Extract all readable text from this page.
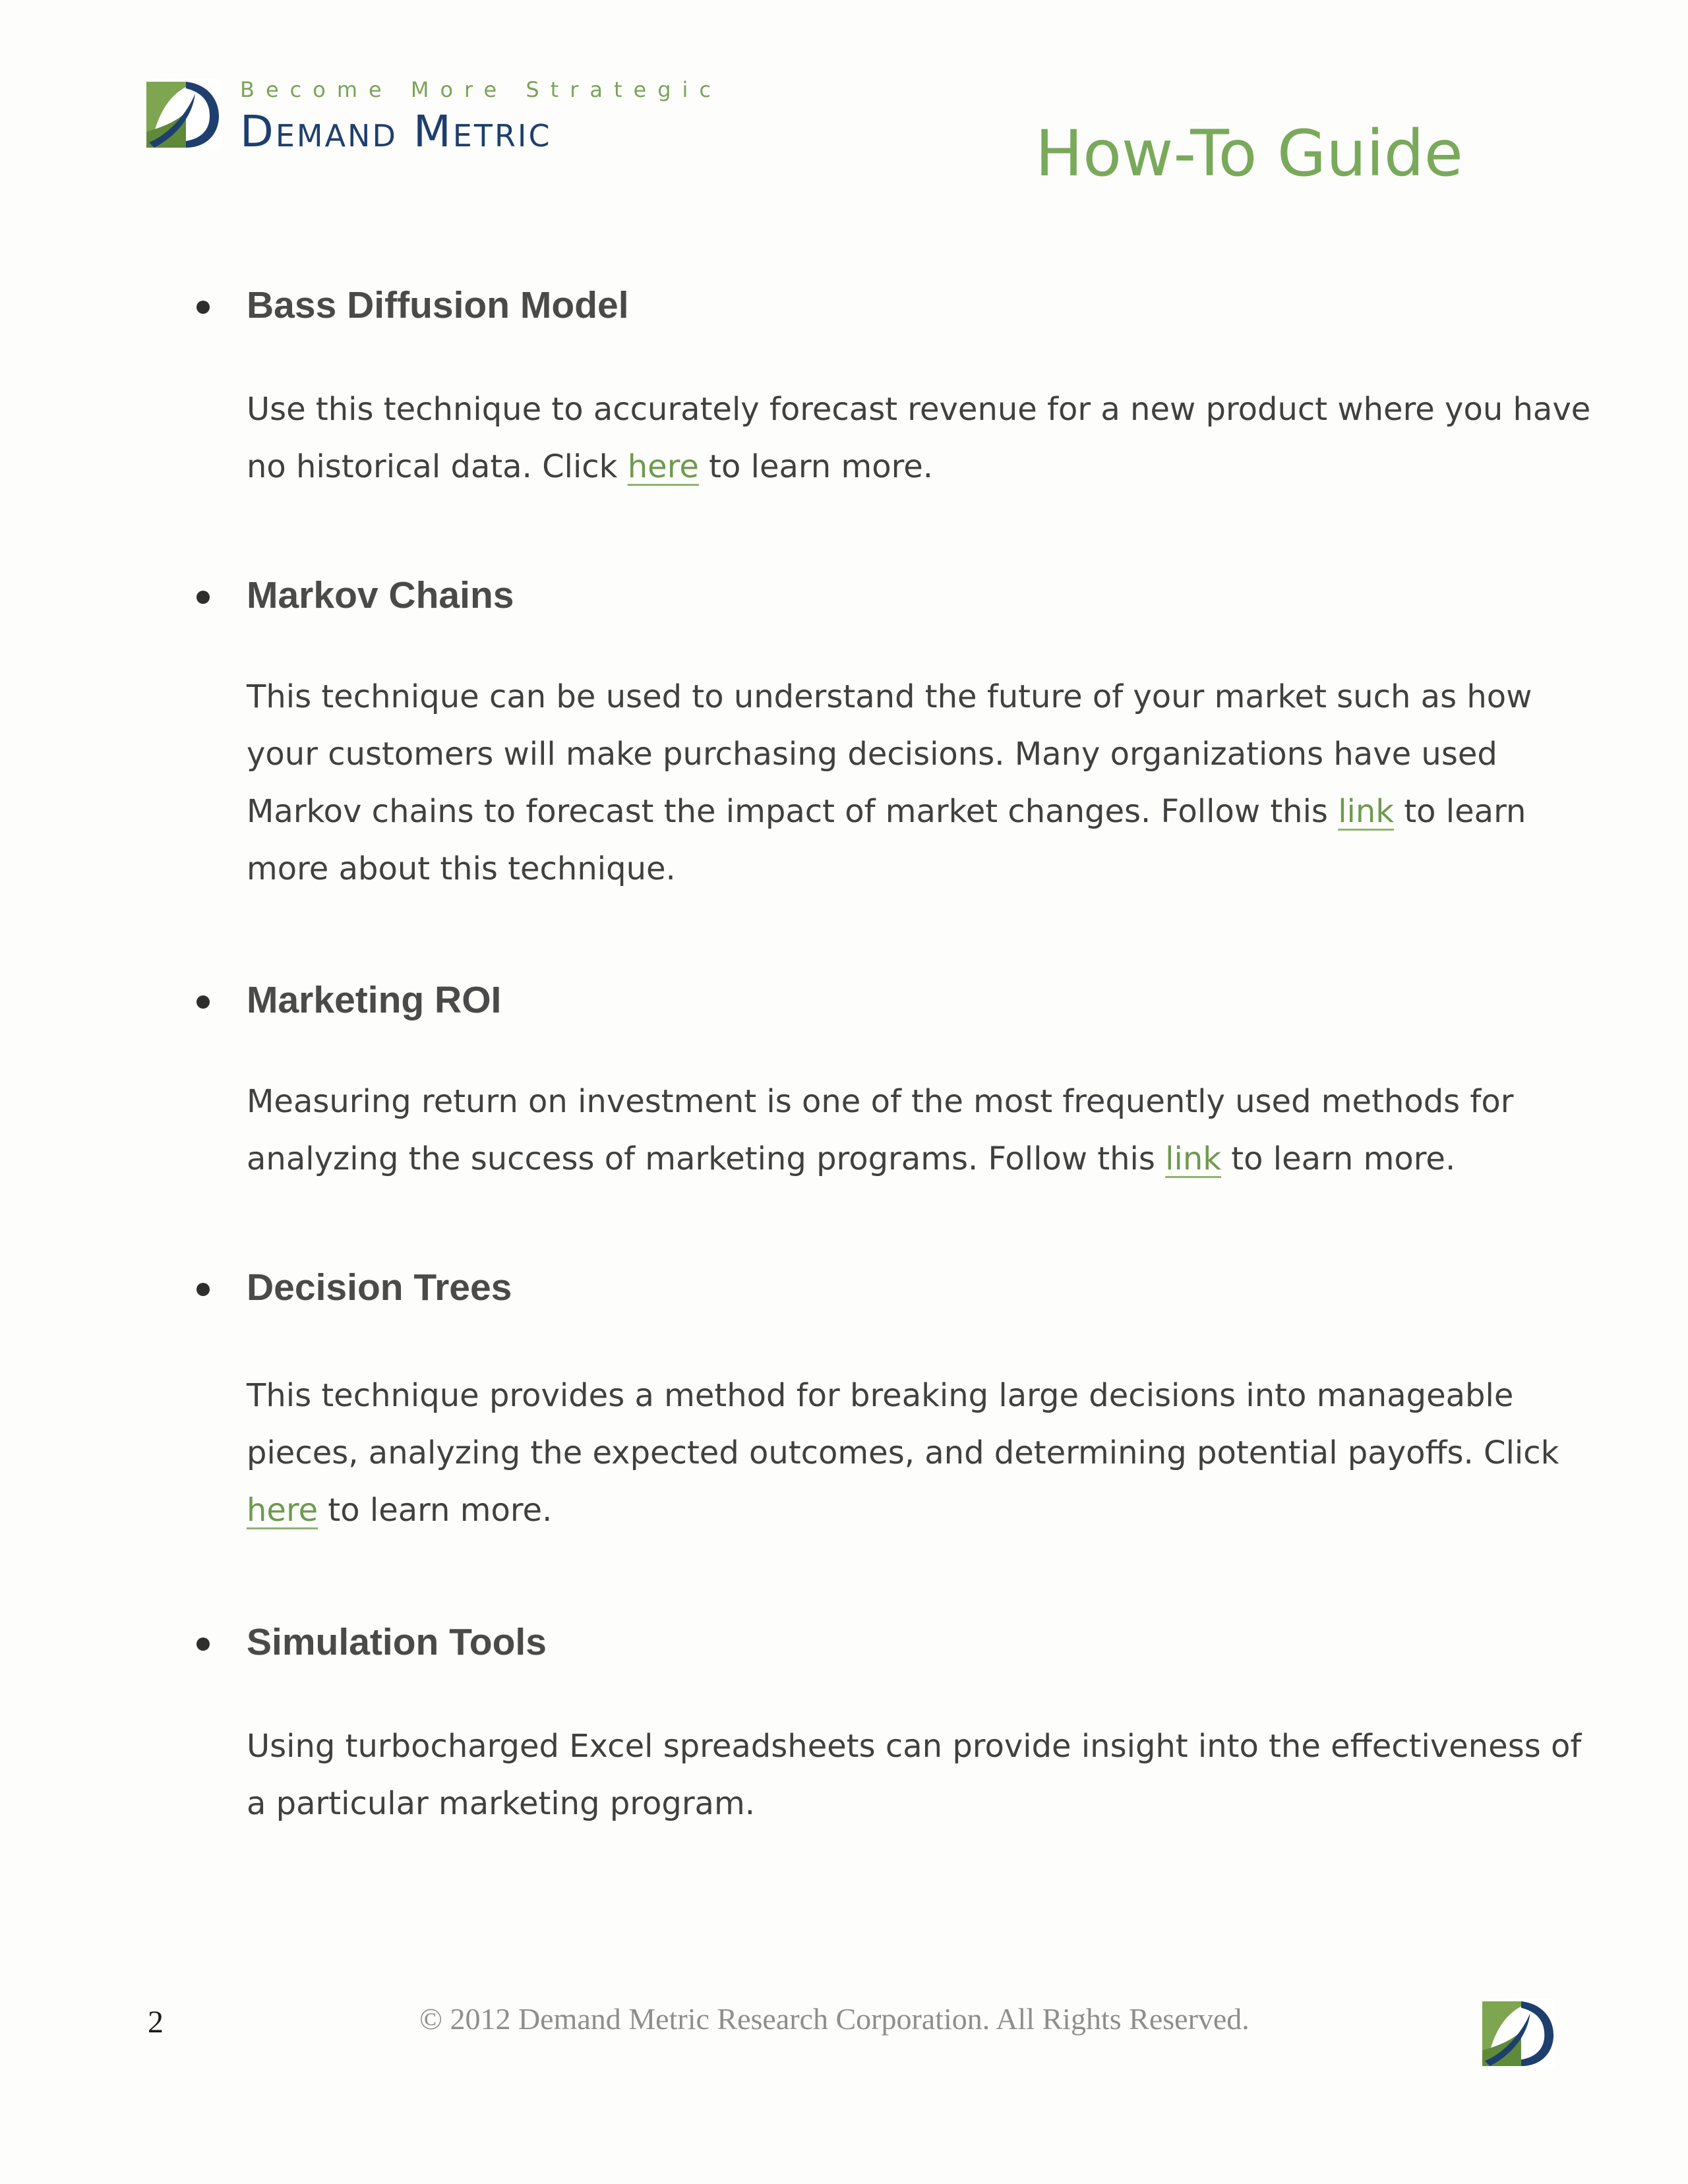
Become More Strategic
Demand Metric	How-To Guide
Bass Diffusion Model
Use this technique to accurately forecast revenue for a new product where you have
no historical data. Click here to learn more.
Markov Chains
This technique can be used to understand the future of your market such as how
your customers will make purchasing decisions. Many organizations have used
Markov chains to forecast the impact of market changes. Follow this link to learn
more about this technique.
Marketing ROI
Measuring return on investment is one of the most frequently used methods for
analyzing the success of marketing programs. Follow this link to learn more.
Decision Trees
This technique provides a method for breaking large decisions into manageable
pieces, analyzing the expected outcomes, and determining potential payoffs. Click
here to learn more.
Simulation Tools
Using turbocharged Excel spreadsheets can provide insight into the effectiveness of
a particular marketing program.
2	© 2012 Demand Metric Research Corporation. All Rights Reserved.
